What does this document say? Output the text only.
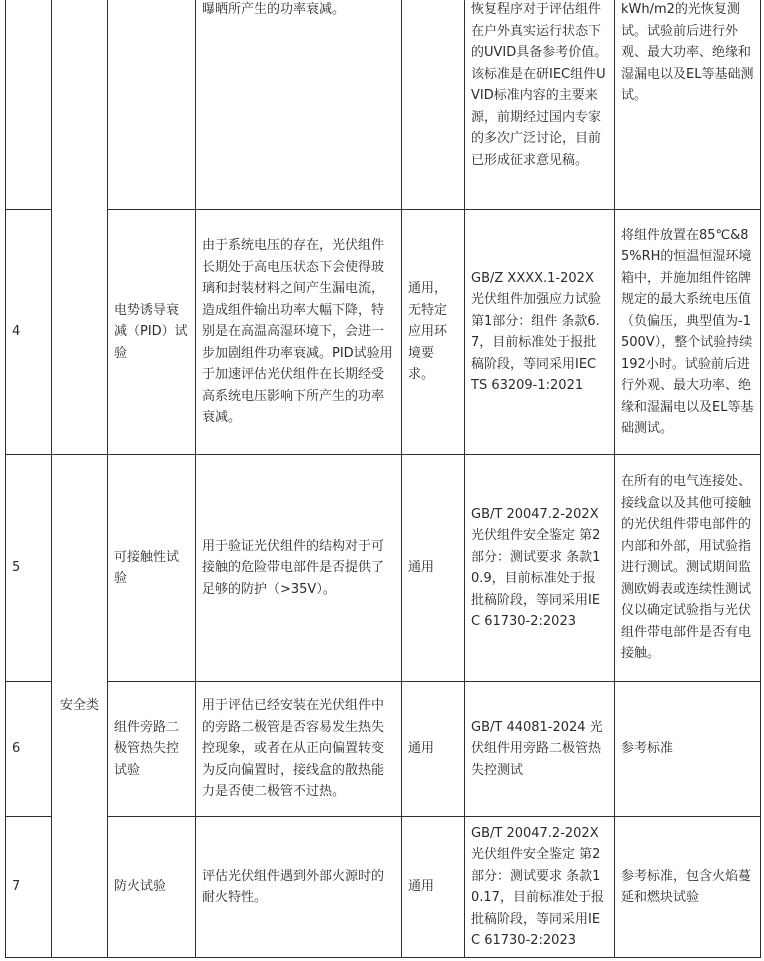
			曝晒所产生的功率衰减。		恢复程序对于评估组件在户外真实运行状态下的UVID具备参考价值。该标准是在研IEC组件UVID标准内容的主要来源，前期经过国内专家的多次广泛讨论，目前已形成征求意见稿。	kWh/m2的光恢复测试。试验前后进行外观、最大功率、绝缘和湿漏电以及EL等基础测试。
4		电势诱导衰减（PID）试验	由于系统电压的存在，光伏组件长期处于高电压状态下会使得玻璃和封装材料之间产生漏电流，造成组件输出功率大幅下降，特别是在高温高湿环境下，会进一步加剧组件功率衰减。PID试验用于加速评估光伏组件在长期经受高系统电压影响下所产生的功率衰减。	通用，无特定应用环境要求。	GB/Z XXXX.1-202X 光伏组件加强应力试验 第1部分：组件 条款6.7，目前标准处于报批稿阶段，等同采用IEC TS 63209-1:2021	将组件放置在85℃&85%RH的恒温恒湿环境箱中，并施加组件铭牌规定的最大系统电压值（负偏压，典型值为-1500V），整个试验持续192小时。试验前后进行外观、最大功率、绝缘和湿漏电以及EL等基础测试。
5	安全类	可接触性试验	用于验证光伏组件的结构对于可接触的危险带电部件是否提供了足够的防护（>35V）。	通用	GB/T 20047.2-202X 光伏组件安全鉴定 第2部分：测试要求 条款10.9，目前标准处于报批稿阶段，等同采用IEC 61730-2:2023	在所有的电气连接处、接线盒以及其他可接触的光伏组件带电部件的内部和外部，用试验指进行测试。测试期间监测欧姆表或连续性测试仪以确定试验指与光伏组件带电部件是否有电接触。
6		组件旁路二极管热失控试验	用于评估已经安装在光伏组件中的旁路二极管是否容易发生热失控现象，或者在从正向偏置转变为反向偏置时，接线盒的散热能力是否使二极管不过热。	通用	GB/T 44081-2024 光伏组件用旁路二极管热失控测试	参考标准
7		防火试验	评估光伏组件遇到外部火源时的耐火特性。	通用	GB/T 20047.2-202X 光伏组件安全鉴定 第2部分：测试要求 条款10.17，目前标准处于报批稿阶段，等同采用IEC 61730-2:2023	参考标准，包含火焰蔓延和燃块试验
